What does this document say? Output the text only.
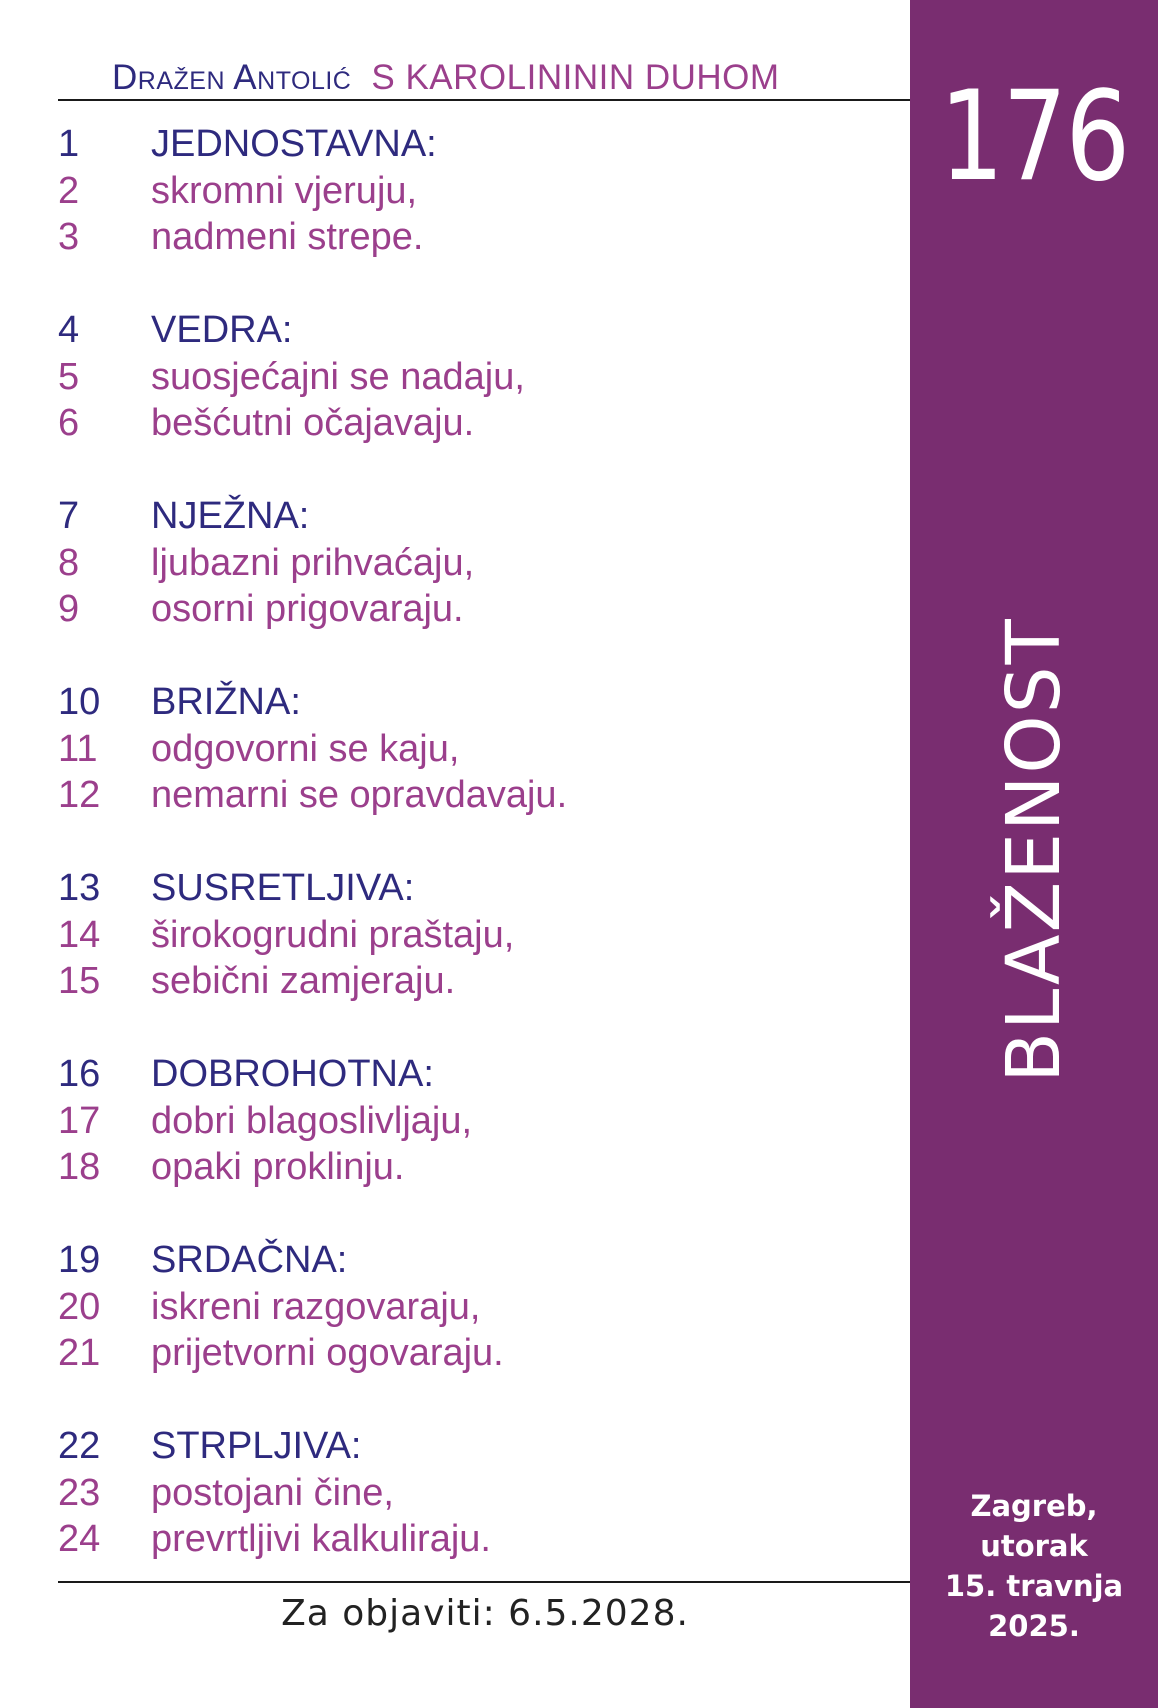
Dražen Antolić S KAROLINININ DUHOM
1 JEDNOSTAVNA:
2 skromni vjeruju,
3 nadmeni strepe.
4 VEDRA:
5 suosjećajni se nadaju,
6 bešćutni očajavaju.
7 NJEŽNA:
8 ljubazni prihvaćaju,
9 osorni prigovaraju.
10 BRIŽNA:
11 odgovorni se kaju,
12 nemarni se opravdavaju.
13 SUSRETLJIVA:
14 širokogrudni praštaju,
15 sebični zamjeraju.
16 DOBROHOTNA:
17 dobri blagoslivljaju,
18 opaki proklinju.
19 SRDAČNA:
20 iskreni razgovaraju,
21 prijetvorni ogovaraju.
22 STRPLJIVA:
23 postojani čine,
24 prevrtljivi kalkuliraju.
Za objaviti: 6.5.2028.
176
BLAŽENOST
Zagreb,
utorak
15. travnja
2025.
